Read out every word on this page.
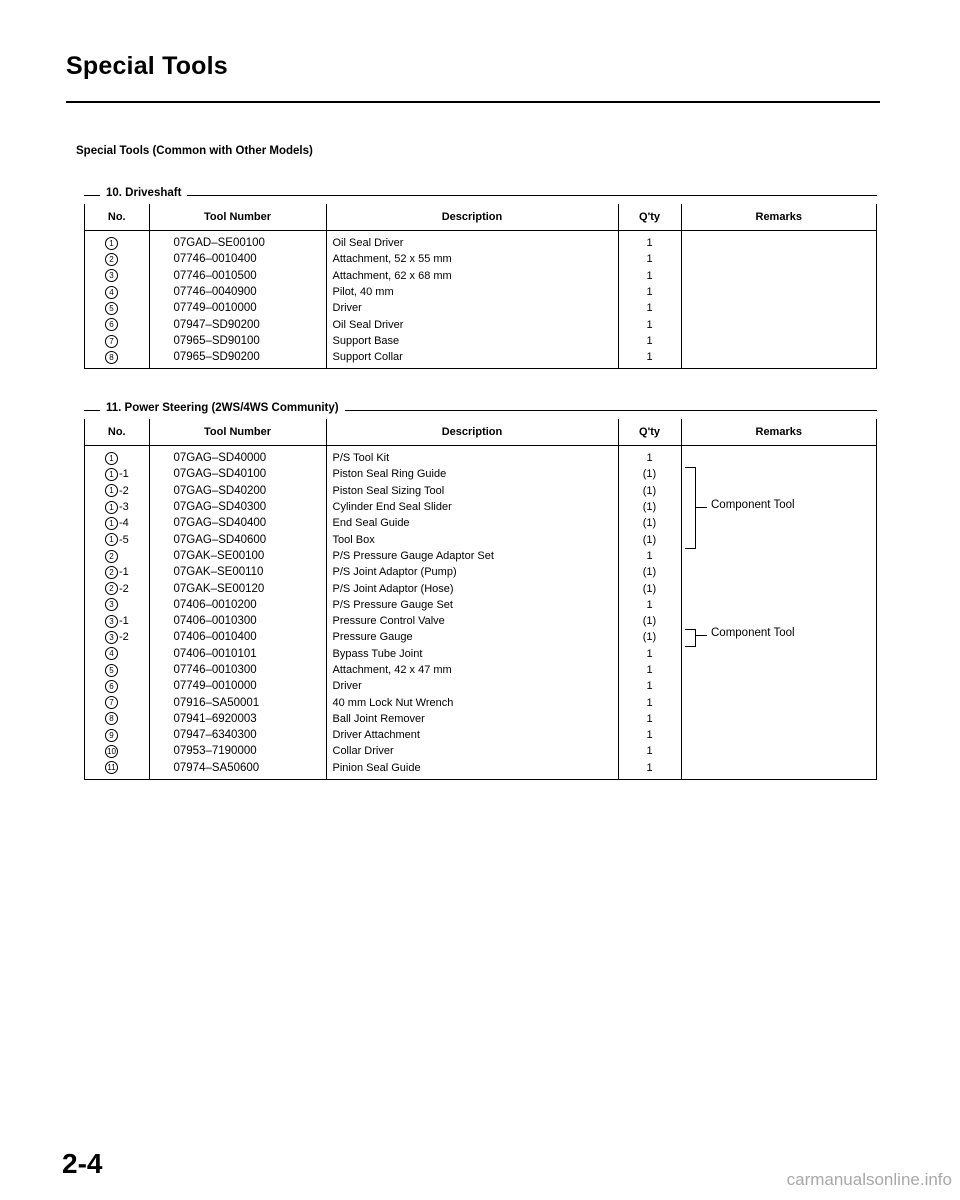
Special Tools
Special Tools (Common with Other Models)
10. Driveshaft
No.	Tool Number	Description	Q'ty	Remarks
1	07GAD–SE00100	Oil Seal Driver	1	
2	07746–0010400	Attachment, 52 x 55 mm	1	
3	07746–0010500	Attachment, 62 x 68 mm	1	
4	07746–0040900	Pilot, 40 mm	1	
5	07749–0010000	Driver	1	
6	07947–SD90200	Oil Seal Driver	1	
7	07965–SD90100	Support Base	1	
8	07965–SD90200	Support Collar	1	
11. Power Steering (2WS/4WS Community)
No.	Tool Number	Description	Q'ty	Remarks
1	07GAG–SD40000	P/S Tool Kit	1	
1 -1	07GAG–SD40100	Piston Seal Ring Guide	(1)	
1 -2	07GAG–SD40200	Piston Seal Sizing Tool	(1)	
1 -3	07GAG–SD40300	Cylinder End Seal Slider	(1)	
1 -4	07GAG–SD40400	End Seal Guide	(1)	
1 -5	07GAG–SD40600	Tool Box	(1)	
2	07GAK–SE00100	P/S Pressure Gauge Adaptor Set	1	
2 -1	07GAK–SE00110	P/S Joint Adaptor (Pump)	(1)	
2 -2	07GAK–SE00120	P/S Joint Adaptor (Hose)	(1)	
3	07406–0010200	P/S Pressure Gauge Set	1	
3 -1	07406–0010300	Pressure Control Valve	(1)	
3 -2	07406–0010400	Pressure Gauge	(1)	
4	07406–0010101	Bypass Tube Joint	1	
5	07746–0010300	Attachment, 42 x 47 mm	1	
6	07749–0010000	Driver	1	
7	07916–SA50001	40 mm Lock Nut Wrench	1	
8	07941–6920003	Ball Joint Remover	1	
9	07947–6340300	Driver Attachment	1	
10	07953–7190000	Collar Driver	1	
11	07974–SA50600	Pinion Seal Guide	1	
Component Tool
Component Tool
2-4
carmanualsonline.info
